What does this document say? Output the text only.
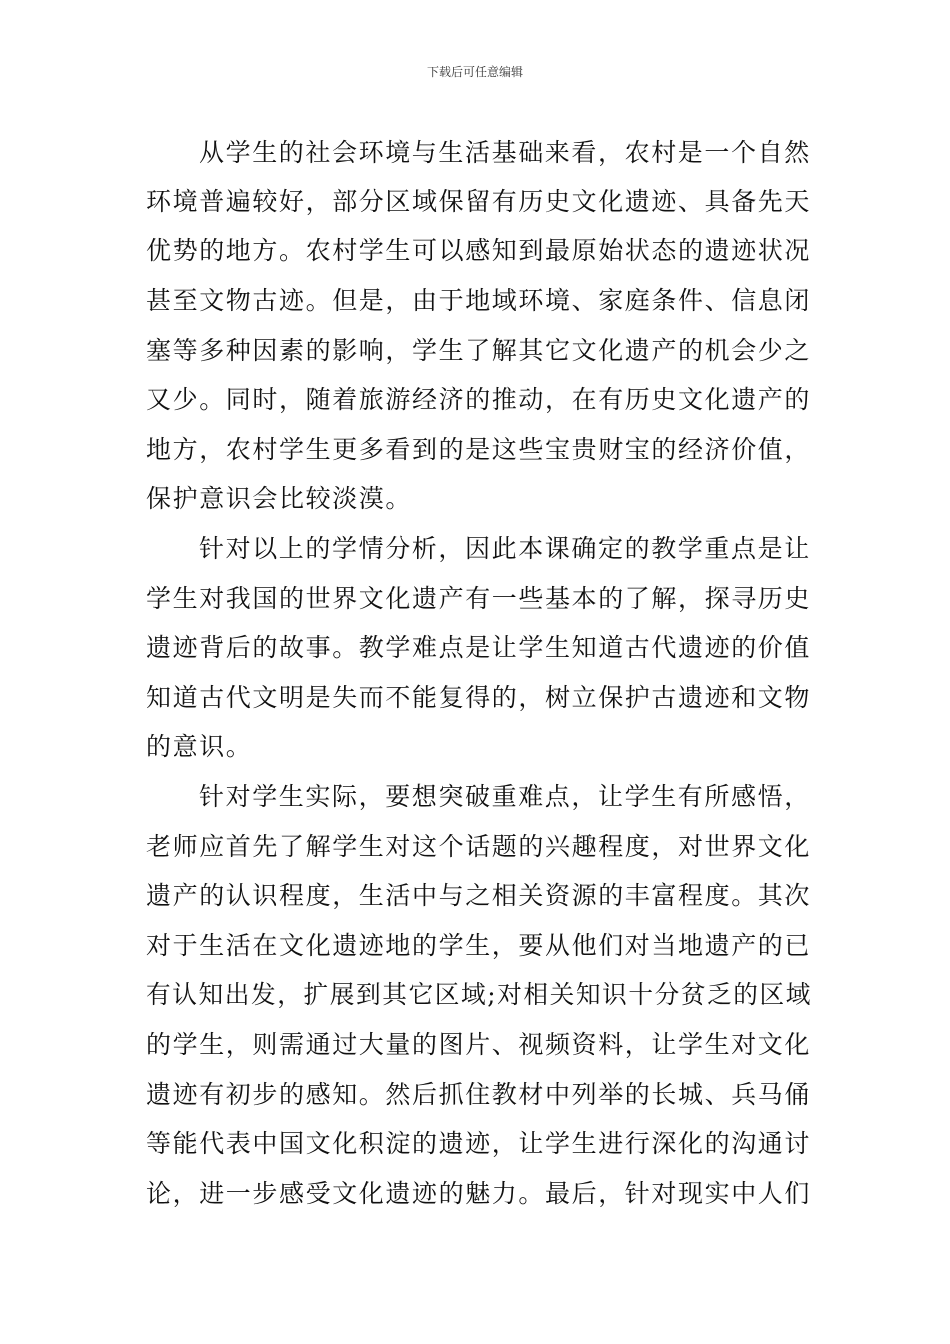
下载后可任意编辑

从学生的社会环境与生活基础来看，农村是一个自然

环境普遍较好，部分区域保留有历史文化遗迹、具备先天

优势的地方。农村学生可以感知到最原始状态的遗迹状况

甚至文物古迹。但是，由于地域环境、家庭条件、信息闭

塞等多种因素的影响，学生了解其它文化遗产的机会少之

又少。同时，随着旅游经济的推动，在有历史文化遗产的

地方，农村学生更多看到的是这些宝贵财宝的经济价值，

保护意识会比较淡漠。

针对以上的学情分析，因此本课确定的教学重点是让

学生对我国的世界文化遗产有一些基本的了解，探寻历史

遗迹背后的故事。教学难点是让学生知道古代遗迹的价值

知道古代文明是失而不能复得的，树立保护古遗迹和文物

的意识。

针对学生实际，要想突破重难点，让学生有所感悟，

老师应首先了解学生对这个话题的兴趣程度，对世界文化

遗产的认识程度，生活中与之相关资源的丰富程度。其次

对于生活在文化遗迹地的学生，要从他们对当地遗产的已

有认知出发，扩展到其它区域;对相关知识十分贫乏的区域

的学生，则需通过大量的图片、视频资料，让学生对文化

遗迹有初步的感知。然后抓住教材中列举的长城、兵马俑

等能代表中国文化积淀的遗迹，让学生进行深化的沟通讨

论，进一步感受文化遗迹的魅力。最后，针对现实中人们
